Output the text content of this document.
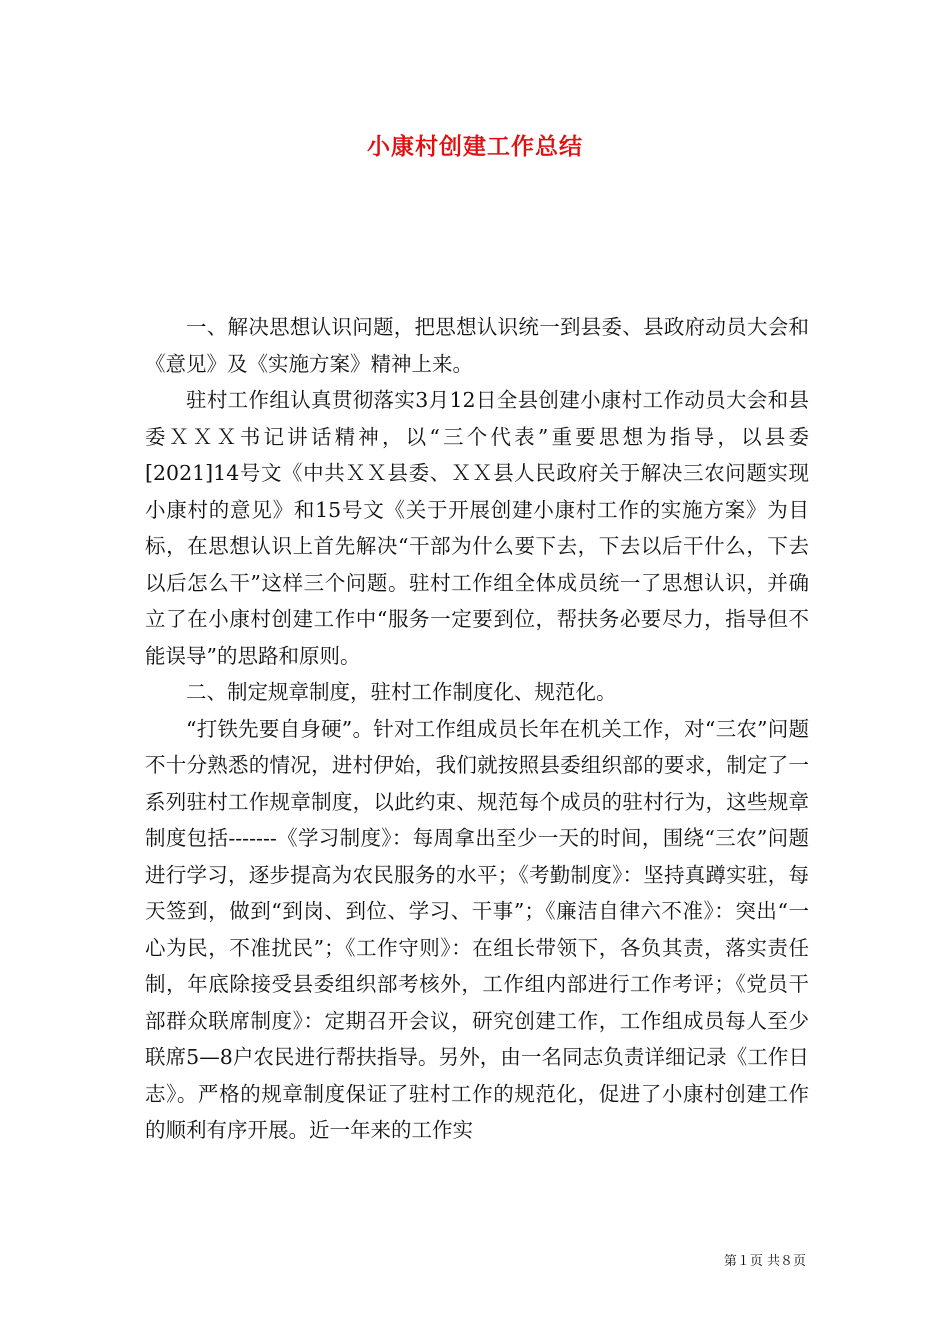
小康村创建工作总结

一、解决思想认识问题，把思想认识统一到县委、县政府动员大会和《意见》及《实施方案》精神上来。

驻村工作组认真贯彻落实3月12日全县创建小康村工作动员大会和县委ＸＸＸ书记讲话精神，以“三个代表”重要思想为指导，以县委[2021]14号文《中共ＸＸ县委、ＸＸ县人民政府关于解决三农问题实现小康村的意见》和15号文《关于开展创建小康村工作的实施方案》为目标，在思想认识上首先解决“干部为什么要下去，下去以后干什么，下去以后怎么干”这样三个问题。驻村工作组全体成员统一了思想认识，并确立了在小康村创建工作中“服务一定要到位，帮扶务必要尽力，指导但不能误导”的思路和原则。

二、制定规章制度，驻村工作制度化、规范化。

“打铁先要自身硬”。针对工作组成员长年在机关工作，对“三农”问题不十分熟悉的情况，进村伊始，我们就按照县委组织部的要求，制定了一系列驻村工作规章制度，以此约束、规范每个成员的驻村行为，这些规章制度包括-------《学习制度》：每周拿出至少一天的时间，围绕“三农”问题进行学习，逐步提高为农民服务的水平；《考勤制度》：坚持真蹲实驻，每天签到，做到“到岗、到位、学习、干事”；《廉洁自律六不准》：突出“一心为民，不准扰民”；《工作守则》：在组长带领下，各负其责，落实责任制，年底除接受县委组织部考核外，工作组内部进行工作考评；《党员干部群众联席制度》：定期召开会议，研究创建工作，工作组成员每人至少联席5—8户农民进行帮扶指导。另外，由一名同志负责详细记录《工作日志》。严格的规章制度保证了驻村工作的规范化，促进了小康村创建工作的顺利有序开展。近一年来的工作实

第１页 共８页
